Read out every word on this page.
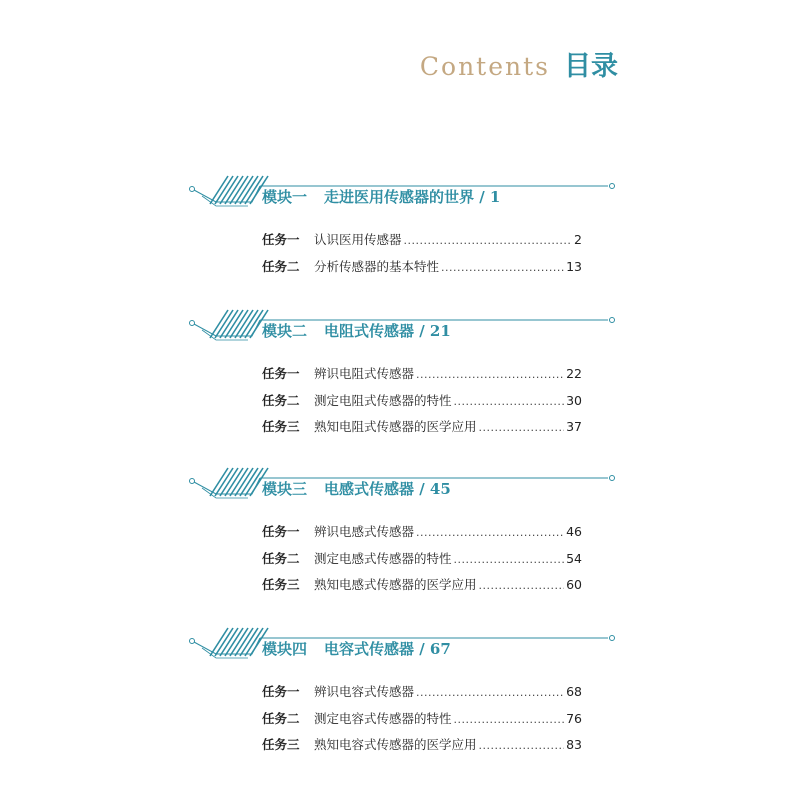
Contents 目录
模块一 走进医用传感器的世界 / 1
任务一	认识医用传感器 .....	2
任务二	分析传感器的基本特性 .....	13
模块二 电阻式传感器 / 21
任务一	辨识电阻式传感器 .....	22
任务二	测定电阻式传感器的特性 .....	30
任务三	熟知电阻式传感器的医学应用 .....	37
模块三 电感式传感器 / 45
任务一	辨识电感式传感器 .....	46
任务二	测定电感式传感器的特性 .....	54
任务三	熟知电感式传感器的医学应用 .....	60
模块四 电容式传感器 / 67
任务一	辨识电容式传感器 .....	68
任务二	测定电容式传感器的特性 .....	76
任务三	熟知电容式传感器的医学应用 .....	83
